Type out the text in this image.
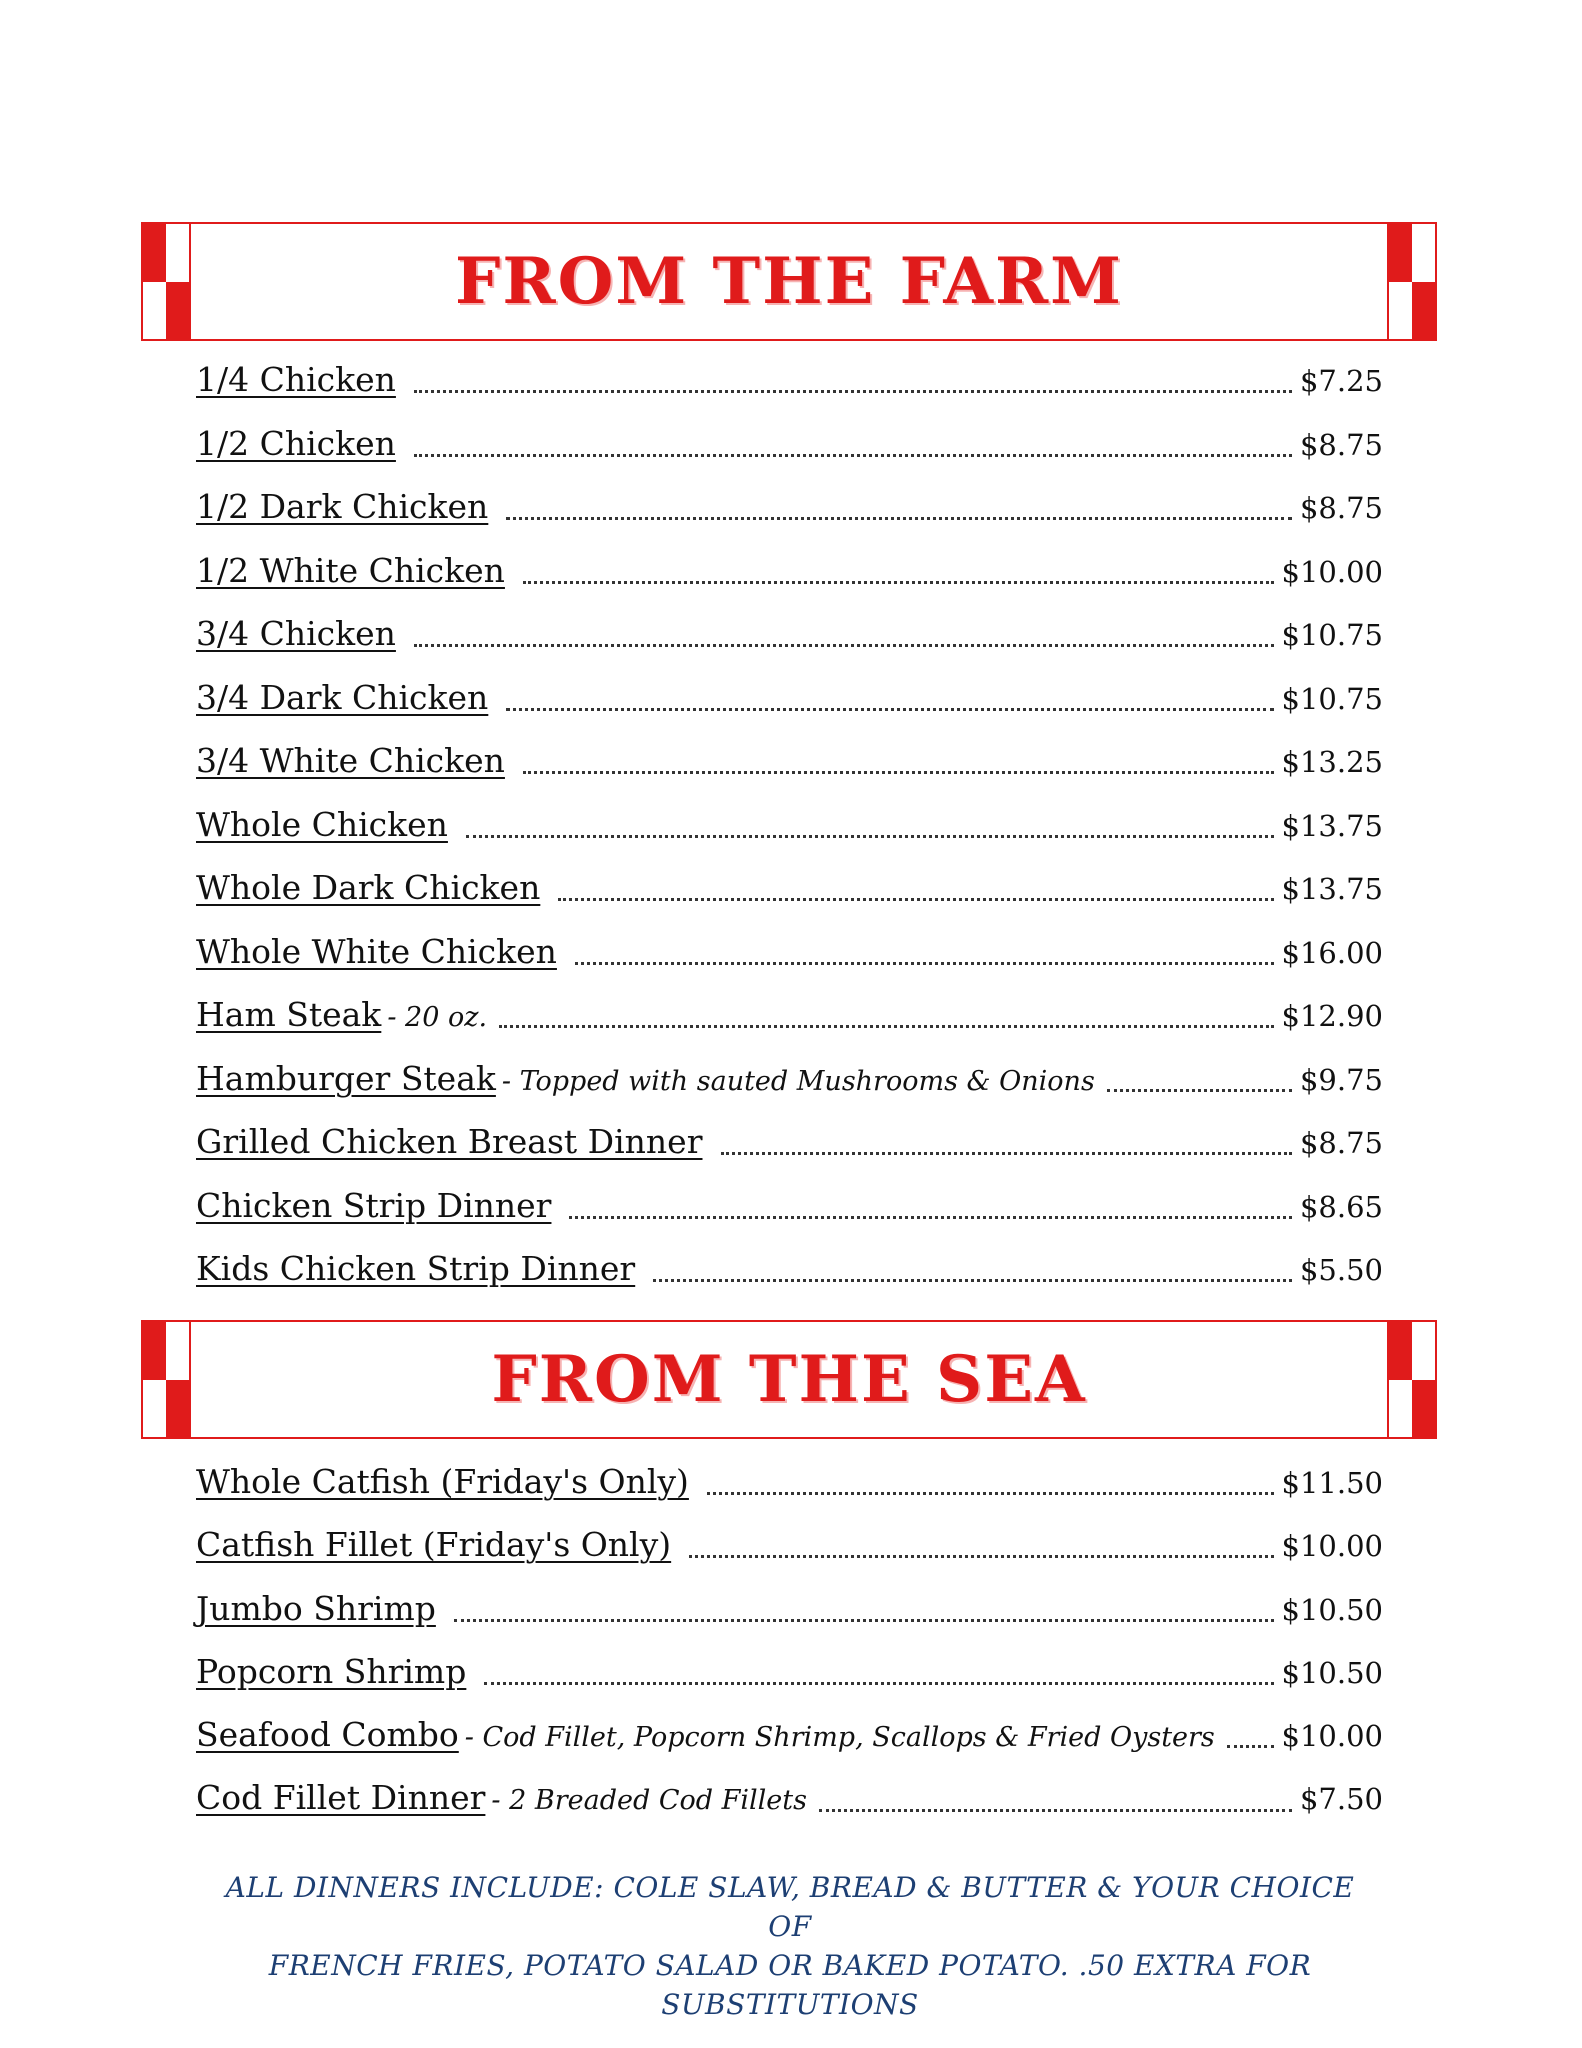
FROM THE FARM
1/4 Chicken	$7.25
1/2 Chicken	$8.75
1/2 Dark Chicken	$8.75
1/2 White Chicken	$10.00
3/4 Chicken	$10.75
3/4 Dark Chicken	$10.75
3/4 White Chicken	$13.25
Whole Chicken	$13.75
Whole Dark Chicken	$13.75
Whole White Chicken	$16.00
Ham Steak - 20 oz.	$12.90
Hamburger Steak - Topped with sauted Mushrooms & Onions	$9.75
Grilled Chicken Breast Dinner	$8.75
Chicken Strip Dinner	$8.65
Kids Chicken Strip Dinner	$5.50
FROM THE SEA
Whole Catfish (Friday's Only)	$11.50
Catfish Fillet (Friday's Only)	$10.00
Jumbo Shrimp	$10.50
Popcorn Shrimp	$10.50
Seafood Combo - Cod Fillet, Popcorn Shrimp, Scallops & Fried Oysters $10.00
Cod Fillet Dinner - 2 Breaded Cod Fillets	$7.50
ALL DINNERS INCLUDE: COLE SLAW, BREAD & BUTTER & YOUR CHOICE OF
FRENCH FRIES, POTATO SALAD OR BAKED POTATO. .50 EXTRA FOR
SUBSTITUTIONS
